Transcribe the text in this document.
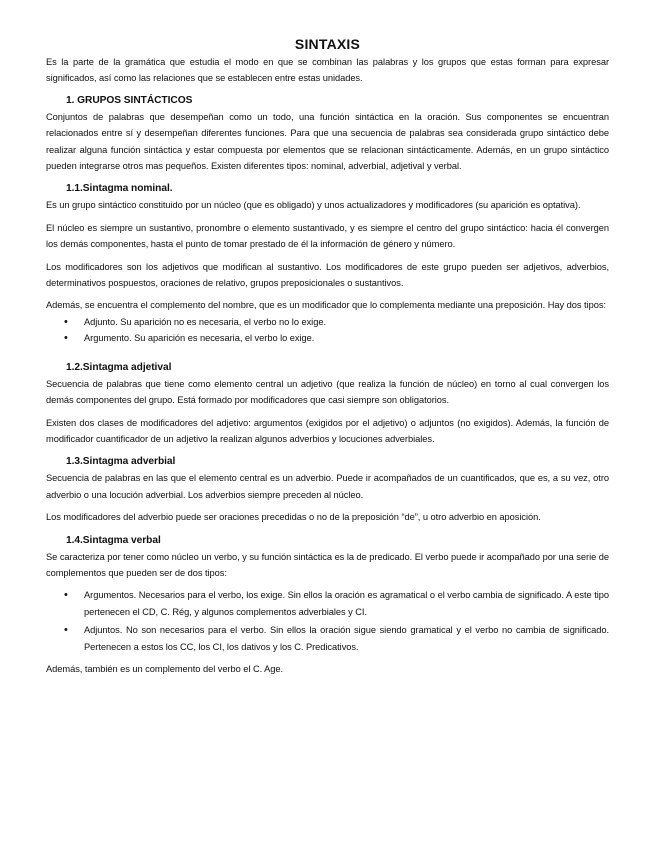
SINTAXIS

Es la parte de la gramática que estudia el modo en que se combinan las palabras y los grupos que estas forman para expresar significados, así como las relaciones que se establecen entre estas unidades.

1. GRUPOS SINTÁCTICOS

Conjuntos de palabras que desempeñan como un todo, una función sintáctica en la oración. Sus componentes se encuentran relacionados entre sí y desempeñan diferentes funciones. Para que una secuencia de palabras sea considerada grupo sintáctico debe realizar alguna función sintáctica y estar compuesta por elementos que se relacionan sintácticamente. Además, en un grupo sintáctico pueden integrarse otros mas pequeños. Existen diferentes tipos: nominal, adverbial, adjetival y verbal.

1.1.Sintagma nominal.

Es un grupo sintáctico constituido por un núcleo (que es obligado) y unos actualizadores y modificadores (su aparición es optativa).

El núcleo es siempre un sustantivo, pronombre o elemento sustantivado, y es siempre el centro del grupo sintáctico: hacia él convergen los demás componentes, hasta el punto de tomar prestado de él la información de género y número.

Los modificadores son los adjetivos que modifican al sustantivo. Los modificadores de este grupo pueden ser adjetivos, adverbios, determinativos pospuestos, oraciones de relativo, grupos preposicionales o sustantivos.

Además, se encuentra el complemento del nombre, que es un modificador que lo complementa mediante una preposición. Hay dos tipos:

• Adjunto. Su aparición no es necesaria, el verbo no lo exige.
• Argumento. Su aparición es necesaria, el verbo lo exige.
1.2.Sintagma adjetival

Secuencia de palabras que tiene como elemento central un adjetivo (que realiza la función de núcleo) en torno al cual convergen los demás componentes del grupo. Está formado por modificadores que casi siempre son obligatorios.

Existen dos clases de modificadores del adjetivo: argumentos (exigidos por el adjetivo) o adjuntos (no exigidos). Además, la función de modificador cuantificador de un adjetivo la realizan algunos adverbios y locuciones adverbiales.

1.3.Sintagma adverbial

Secuencia de palabras en las que el elemento central es un adverbio. Puede ir acompañados de un cuantificados, que es, a su vez, otro adverbio o una locución adverbial. Los adverbios siempre preceden al núcleo.

Los modificadores del adverbio puede ser oraciones precedidas o no de la preposición “de”, u otro adverbio en aposición.

1.4.Sintagma verbal

Se caracteriza por tener como núcleo un verbo, y su función sintáctica es la de predicado. El verbo puede ir acompañado por una serie de complementos que pueden ser de dos tipos:

• Argumentos. Necesarios para el verbo, los exige. Sin ellos la oración es agramatical o el verbo cambia de significado. A este tipo pertenecen el CD, C. Rég, y algunos complementos adverbiales y CI.
• Adjuntos. No son necesarios para el verbo. Sin ellos la oración sigue siendo gramatical y el verbo no cambia de significado. Pertenecen a estos los CC, los CI, los dativos y los C. Predicativos.

Además, también es un complemento del verbo el C. Age.
